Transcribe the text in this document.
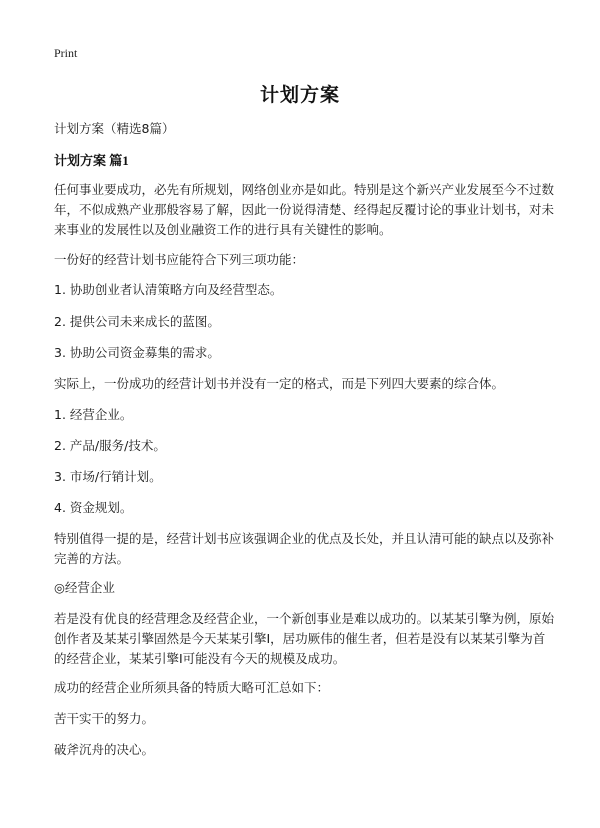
Print
计划方案
计划方案（精选8篇）
计划方案 篇1
任何事业要成功，必先有所规划，网络创业亦是如此。特别是这个新兴产业发展至今不过数年，不似成熟产业那般容易了解，因此一份说得清楚、经得起反覆讨论的事业计划书，对未来事业的发展性以及创业融资工作的进行具有关键性的影响。
一份好的经营计划书应能符合下列三项功能：
1. 协助创业者认清策略方向及经营型态。
2. 提供公司未来成长的蓝图。
3. 协助公司资金募集的需求。
实际上，一份成功的经营计划书并没有一定的格式，而是下列四大要素的综合体。
1. 经营企业。
2. 产品/服务/技术。
3. 市场/行销计划。
4. 资金规划。
特别值得一提的是，经营计划书应该强调企业的优点及长处，并且认清可能的缺点以及弥补完善的方法。
◎经营企业
若是没有优良的经营理念及经营企业，一个新创事业是难以成功的。以某某引擎为例，原始创作者及某某引擎固然是今天某某引擎I，居功厥伟的催生者，但若是没有以某某引擎为首的经营企业，某某引擎I可能没有今天的规模及成功。
成功的经营企业所须具备的特质大略可汇总如下：
苦干实干的努力。
破斧沉舟的决心。
